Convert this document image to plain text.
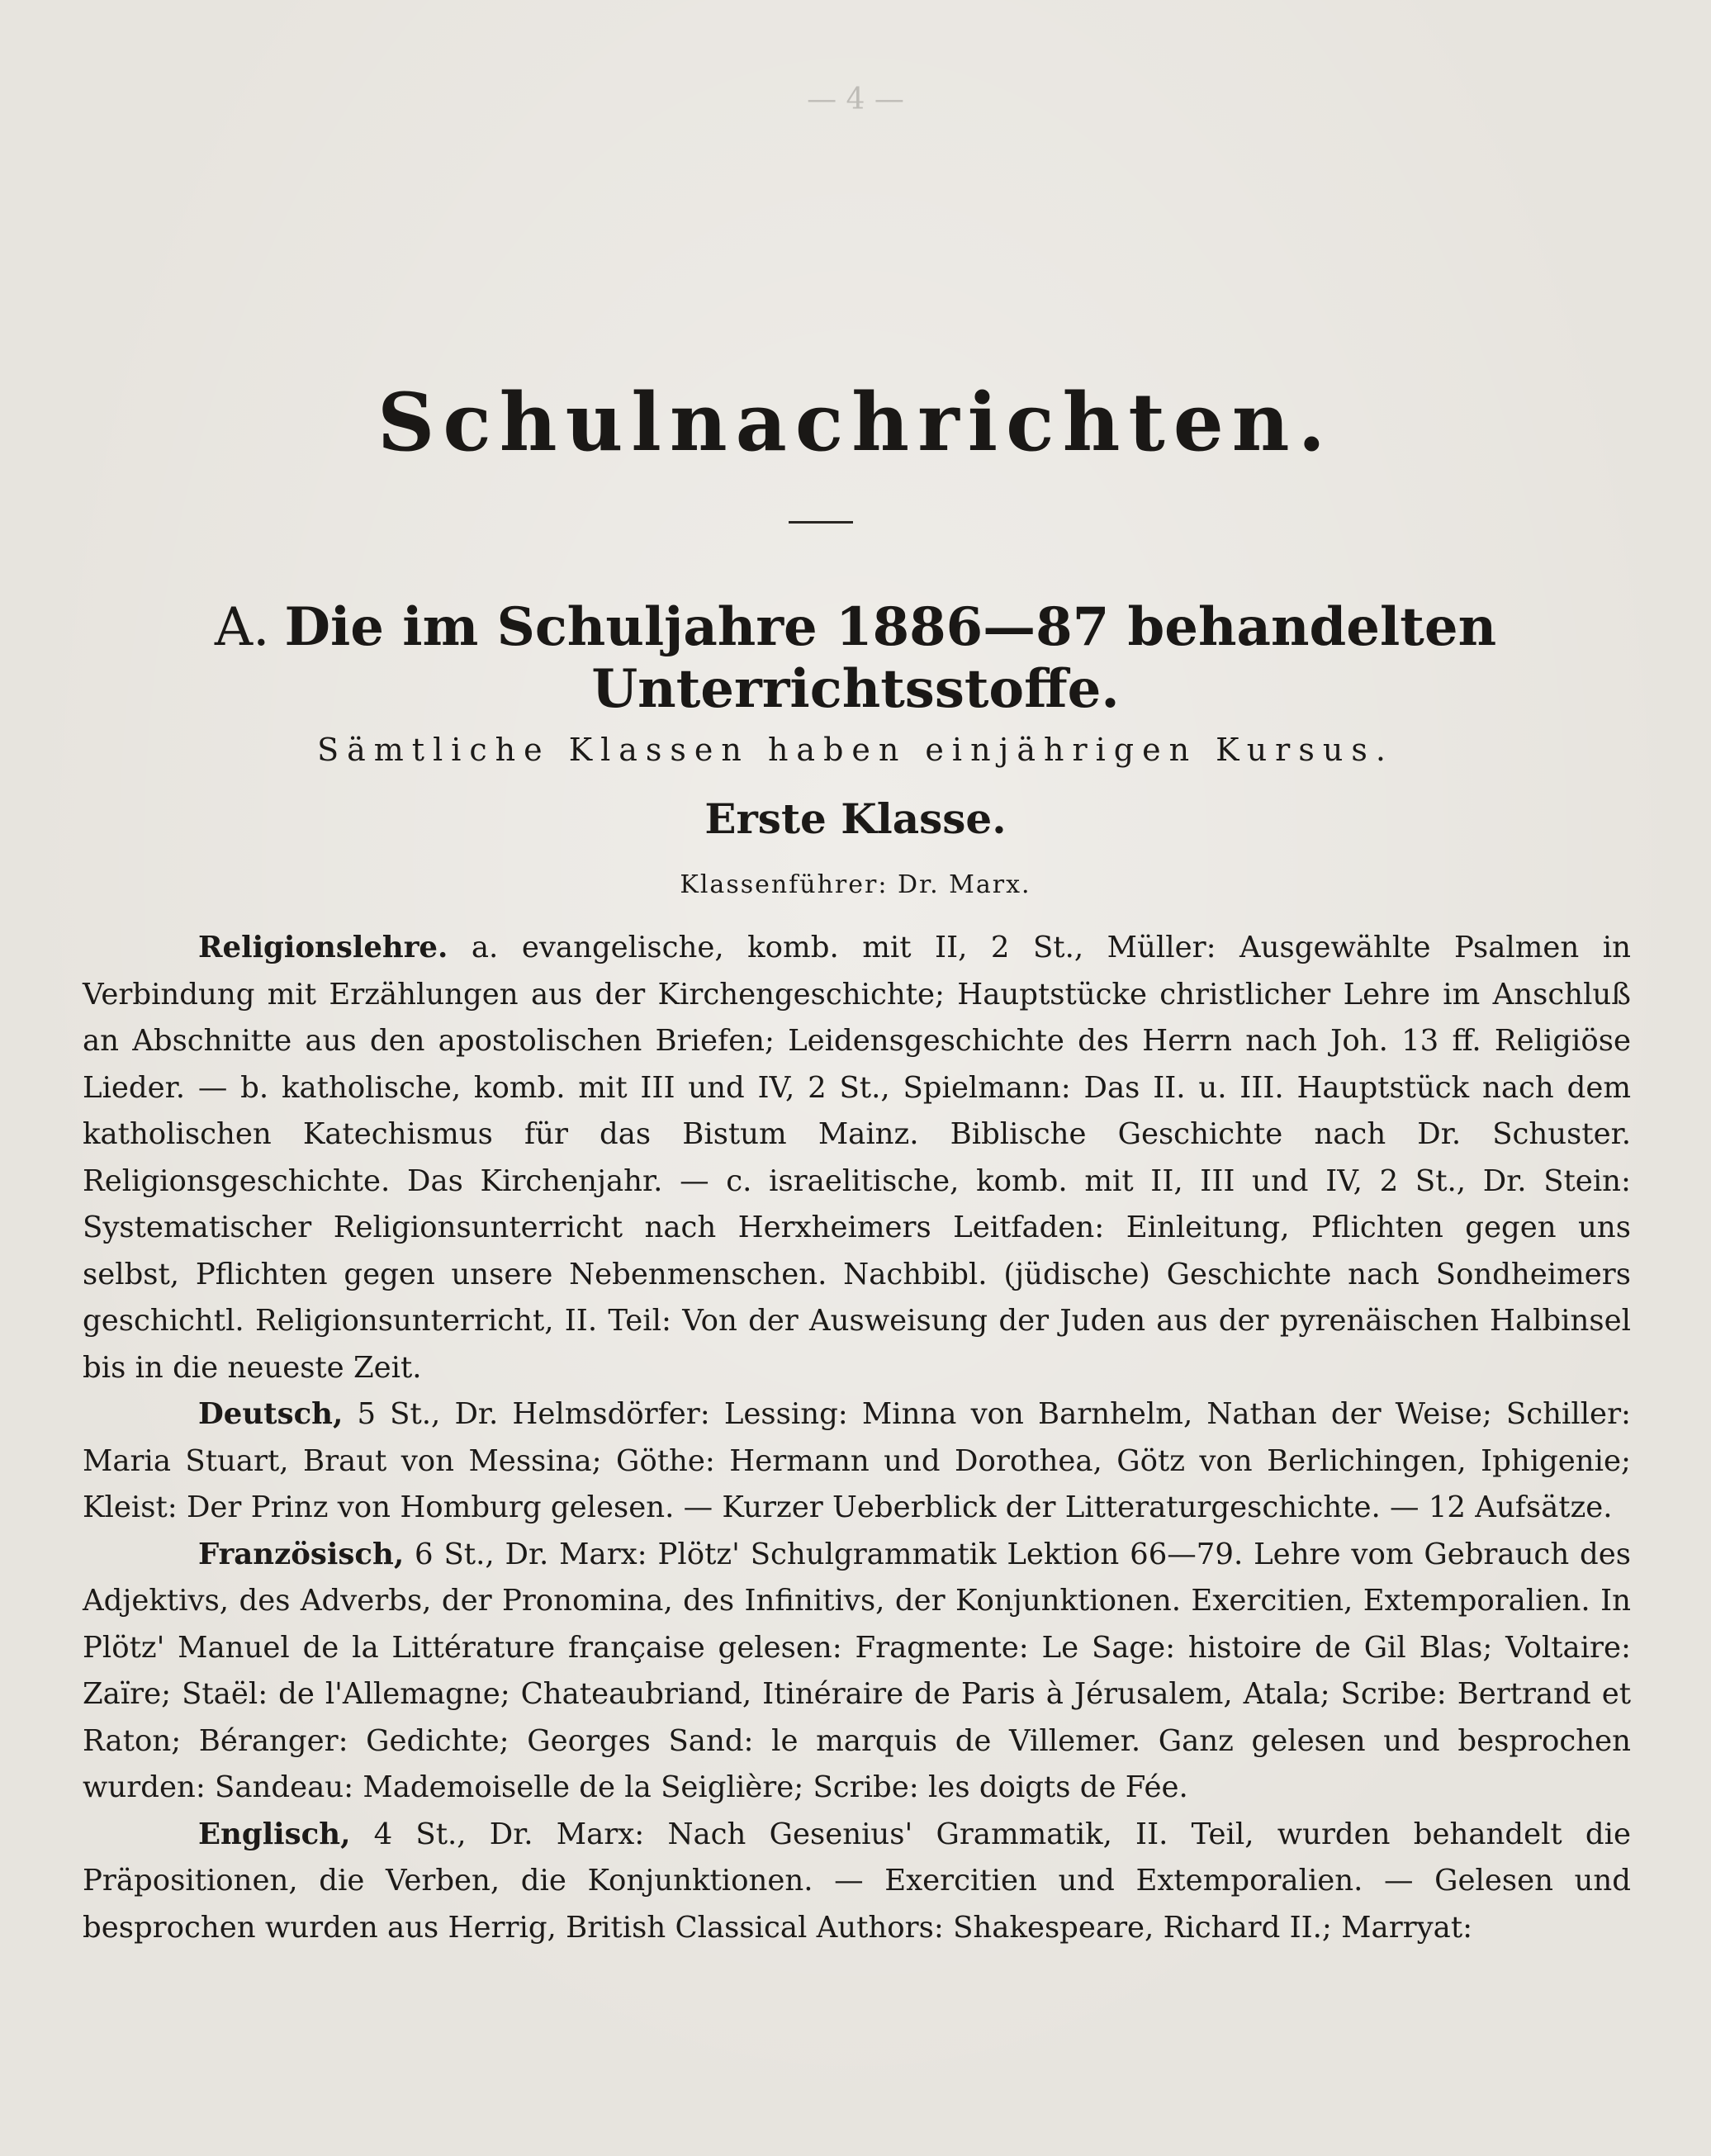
— 4 —
Schulnachrichten.
A. Die im Schuljahre 1886—87 behandelten Unterrichtsstoffe.
Sämtliche Klassen haben einjährigen Kursus.
Erste Klasse.
Klassenführer: Dr. Marx.

Religionslehre. a. evangelische, komb. mit II, 2 St., Müller: Ausgewählte Psalmen in Verbindung mit Erzählungen aus der Kirchengeschichte; Hauptstücke christlicher Lehre im Anschluß an Abschnitte aus den apostolischen Briefen; Leidensgeschichte des Herrn nach Joh. 13 ff. Religiöse Lieder. — b. katholische, komb. mit III und IV, 2 St., Spielmann: Das II. u. III. Hauptstück nach dem katholischen Katechismus für das Bistum Mainz. Biblische Geschichte nach Dr. Schuster. Religionsgeschichte. Das Kirchenjahr. — c. israelitische, komb. mit II, III und IV, 2 St., Dr. Stein: Systematischer Religionsunterricht nach Herxheimers Leitfaden: Einleitung, Pflichten gegen uns selbst, Pflichten gegen unsere Nebenmenschen. Nachbibl. (jüdische) Geschichte nach Sondheimers geschichtl. Religionsunterricht, II. Teil: Von der Ausweisung der Juden aus der pyrenäischen Halbinsel bis in die neueste Zeit.

Deutsch, 5 St., Dr. Helmsdörfer: Lessing: Minna von Barnhelm, Nathan der Weise; Schiller: Maria Stuart, Braut von Messina; Göthe: Hermann und Dorothea, Götz von Berlichingen, Iphigenie; Kleist: Der Prinz von Homburg gelesen. — Kurzer Ueberblick der Litteraturgeschichte. — 12 Aufsätze.

Französisch, 6 St., Dr. Marx: Plötz' Schulgrammatik Lektion 66—79. Lehre vom Gebrauch des Adjektivs, des Adverbs, der Pronomina, des Infinitivs, der Konjunktionen. Exercitien, Extemporalien. In Plötz' Manuel de la Littérature française gelesen: Fragmente: Le Sage: histoire de Gil Blas; Voltaire: Zaïre; Staël: de l'Allemagne; Chateaubriand, Itinéraire de Paris à Jérusalem, Atala; Scribe: Bertrand et Raton; Béranger: Gedichte; Georges Sand: le marquis de Villemer. Ganz gelesen und besprochen wurden: Sandeau: Mademoiselle de la Seiglière; Scribe: les doigts de Fée.

Englisch, 4 St., Dr. Marx: Nach Gesenius' Grammatik, II. Teil, wurden behandelt die Präpositionen, die Verben, die Konjunktionen. — Exercitien und Extemporalien. — Gelesen und besprochen wurden aus Herrig, British Classical Authors: Shakespeare, Richard II.; Marryat:
